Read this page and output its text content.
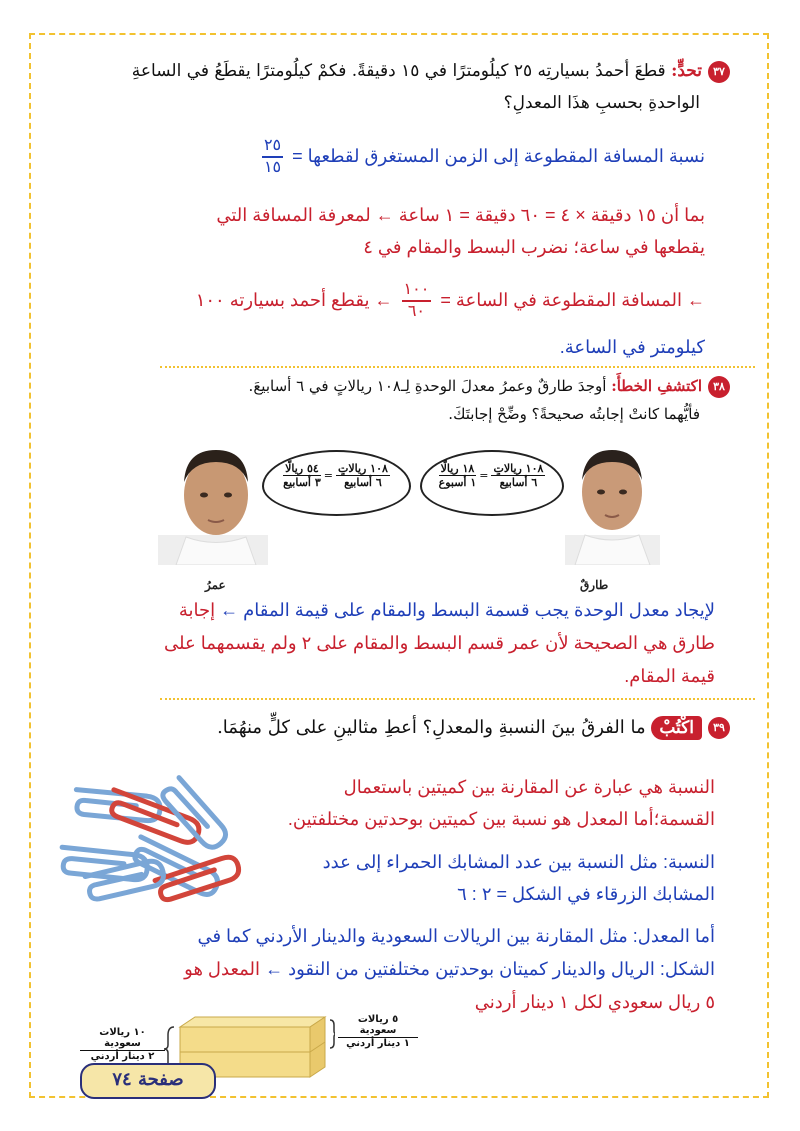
٣٧تحدٍّ: قطعَ أحمدُ بسيارتِه ٢٥ كيلُومترًا في ١٥ دقيقةً. فكمْ كيلُومترًا يقطَعُ في الساعةِ
الواحدةِ بحسبِ هذَا المعدلِ؟
نسبة المسافة المقطوعة إلى الزمن المستغرق لقطعها =
$\frac{٢٥}{١٥}$
بما أن ١٥ دقيقة × ٤ = ٦٠ دقيقة = ١ ساعة ← لمعرفة المسافة التي
يقطعها في ساعة؛ نضرب البسط والمقام في ٤
← المسافة المقطوعة في الساعة =
$\frac{١٠٠}{٦٠}$
← يقطع أحمد بسيارته ١٠٠
كيلومتر في الساعة.
٣٨اكتشفِ الخطأَ: أوجدَ طارقٌ وعمرُ معدلَ الوحدةِ لِـ١٠٨ ريالاتٍ في ٦ أسابيعَ.
فأيُّهما كانتْ إجابتُه صحيحةً؟ وضِّحْ إجابتَكَ.
طارقٌ
١٠٨ ريالاتٍ
٦ أسابيع
=
١٨ ريالًا
١ أسبوع
١٠٨ ريالاتٍ
٦ أسابيع
=
٥٤ ريالًا
٣ أسابيع
عمرُ
لإيجاد معدل الوحدة يجب قسمة البسط والمقام على قيمة المقام ← إجابة
طارق هي الصحيحة لأن عمر قسم البسط والمقام على ٢ ولم يقسمهما على
قيمة المقام.
٣٩اكْتُبْ ما الفرقُ بينَ النسبةِ والمعدلِ؟ أعطِ مثالينِ على كلٍّ منهُمَا.
النسبة هي عبارة عن المقارنة بين كميتين باستعمال
القسمة؛أما المعدل هو نسبة بين كميتين بوحدتين مختلفتين.
النسبة: مثل النسبة بين عدد المشابك الحمراء إلى عدد
المشابك الزرقاء في الشكل = ٢ : ٦
أما المعدل: مثل المقارنة بين الريالات السعودية والدينار الأردني كما في
الشكل: الريال والدينار كميتان بوحدتين مختلفتين من النقود ← المعدل هو
٥ ريال سعودي لكل ١ دينار أردني
١٠ ريالات سعودية
٢ دينار أردني
٥ ريالات سعودية
١ دينار أردني
صفحة ٧٤
